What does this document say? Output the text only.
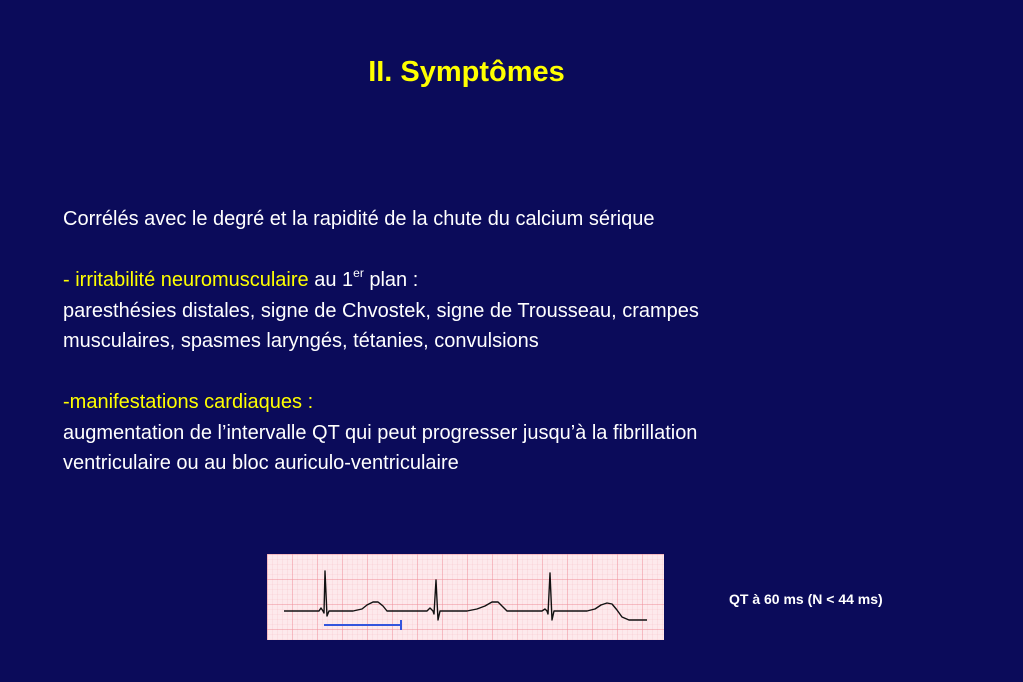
II. Symptômes

Corrélés avec le degré et la rapidité de la chute du calcium sérique

- irritabilité neuromusculaire au 1er plan :

paresthésies distales, signe de Chvostek, signe de Trousseau, crampes

musculaires, spasmes laryngés, tétanies, convulsions

-manifestations cardiaques :

augmentation de l’intervalle QT qui peut progresser jusqu’à la fibrillation

ventriculaire ou au bloc auriculo-ventriculaire

QT à 60 ms (N < 44 ms)
